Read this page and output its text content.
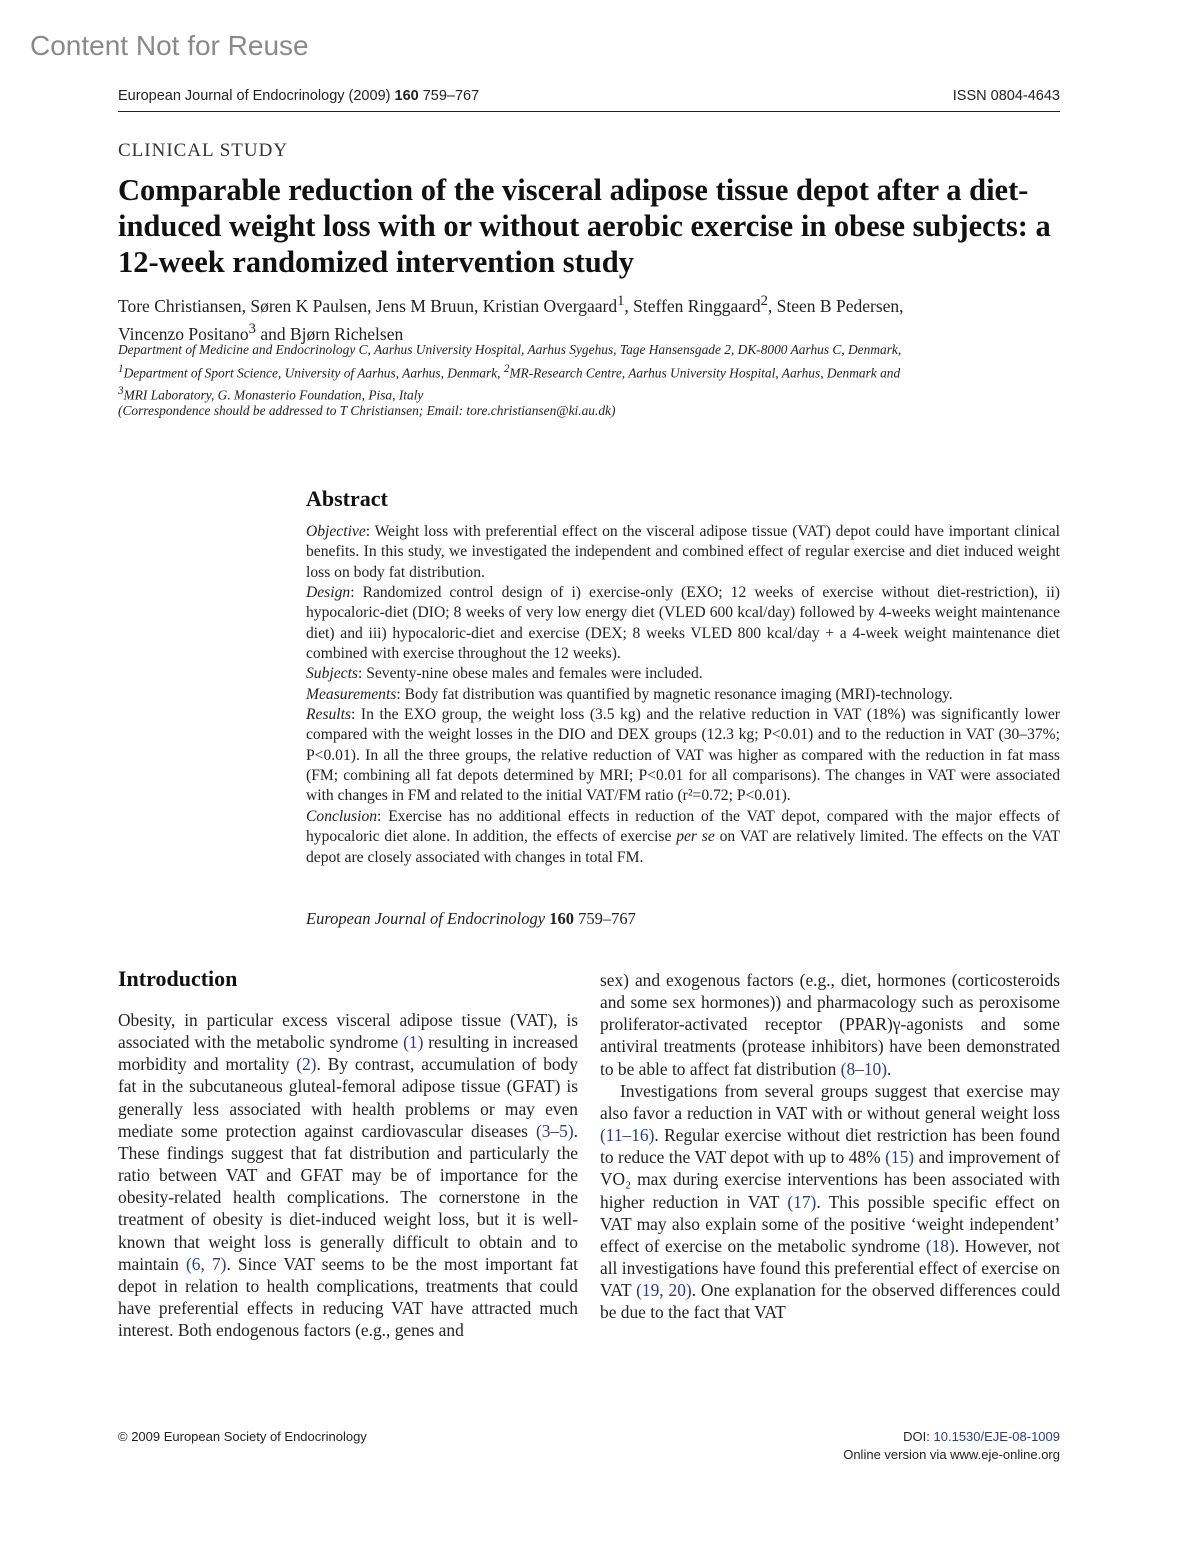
Content Not for Reuse
European Journal of Endocrinology (2009) 160 759–767	ISSN 0804-4643
CLINICAL STUDY
Comparable reduction of the visceral adipose tissue depot after a diet-induced weight loss with or without aerobic exercise in obese subjects: a 12-week randomized intervention study
Tore Christiansen, Søren K Paulsen, Jens M Bruun, Kristian Overgaard$^1$, Steffen Ringgaard$^2$, Steen B Pedersen,
Vincenzo Positano$^3$ and Bjørn Richelsen
Department of Medicine and Endocrinology C, Aarhus University Hospital, Aarhus Sygehus, Tage Hansensgade 2, DK-8000 Aarhus C, Denmark,
$^1$Department of Sport Science, University of Aarhus, Aarhus, Denmark, $^2$MR-Research Centre, Aarhus University Hospital, Aarhus, Denmark and
$^3$MRI Laboratory, G. Monasterio Foundation, Pisa, Italy
(Correspondence should be addressed to T Christiansen; Email: tore.christiansen@ki.au.dk)
Abstract

Objective: Weight loss with preferential effect on the visceral adipose tissue (VAT) depot could have important clinical benefits. In this study, we investigated the independent and combined effect of regular exercise and diet induced weight loss on body fat distribution.

Design: Randomized control design of i) exercise-only (EXO; 12 weeks of exercise without diet-restriction), ii) hypocaloric-diet (DIO; 8 weeks of very low energy diet (VLED 600 kcal/day) followed by 4-weeks weight maintenance diet) and iii) hypocaloric-diet and exercise (DEX; 8 weeks VLED 800 kcal/day + a 4-week weight maintenance diet combined with exercise throughout the 12 weeks).

Subjects: Seventy-nine obese males and females were included.

Measurements: Body fat distribution was quantified by magnetic resonance imaging (MRI)-technology.

Results: In the EXO group, the weight loss (3.5 kg) and the relative reduction in VAT (18%) was significantly lower compared with the weight losses in the DIO and DEX groups (12.3 kg; P<0.01) and to the reduction in VAT (30–37%; P<0.01). In all the three groups, the relative reduction of VAT was higher as compared with the reduction in fat mass (FM; combining all fat depots determined by MRI; P<0.01 for all comparisons). The changes in VAT were associated with changes in FM and related to the initial VAT/FM ratio (r²=0.72; P<0.01).

Conclusion: Exercise has no additional effects in reduction of the VAT depot, compared with the major effects of hypocaloric diet alone. In addition, the effects of exercise per se on VAT are relatively limited. The effects on the VAT depot are closely associated with changes in total FM.

European Journal of Endocrinology 160 759–767
Introduction

Obesity, in particular excess visceral adipose tissue (VAT), is associated with the metabolic syndrome (1) resulting in increased morbidity and mortality (2). By contrast, accumulation of body fat in the subcutaneous gluteal-femoral adipose tissue (GFAT) is generally less associated with health problems or may even mediate some protection against cardiovascular diseases (3–5). These findings suggest that fat distribution and particularly the ratio between VAT and GFAT may be of importance for the obesity-related health complications. The cornerstone in the treatment of obesity is diet-induced weight loss, but it is well-known that weight loss is generally difficult to obtain and to maintain (6, 7). Since VAT seems to be the most important fat depot in relation to health complications, treatments that could have preferential effects in reducing VAT have attracted much interest. Both endogenous factors (e.g., genes and

sex) and exogenous factors (e.g., diet, hormones (corticosteroids and some sex hormones)) and pharmacology such as peroxisome proliferator-activated receptor (PPAR)γ-agonists and some antiviral treatments (protease inhibitors) have been demonstrated to be able to affect fat distribution (8–10).

Investigations from several groups suggest that exercise may also favor a reduction in VAT with or without general weight loss (11–16). Regular exercise without diet restriction has been found to reduce the VAT depot with up to 48% (15) and improvement of VO₂ max during exercise interventions has been associated with higher reduction in VAT (17). This possible specific effect on VAT may also explain some of the positive ‘weight independent’ effect of exercise on the metabolic syndrome (18). However, not all investigations have found this preferential effect of exercise on VAT (19, 20). One explanation for the observed differences could be due to the fact that VAT

© 2009 European Society of Endocrinology	DOI: 10.1530/EJE-08-1009
Online version via www.eje-online.org
